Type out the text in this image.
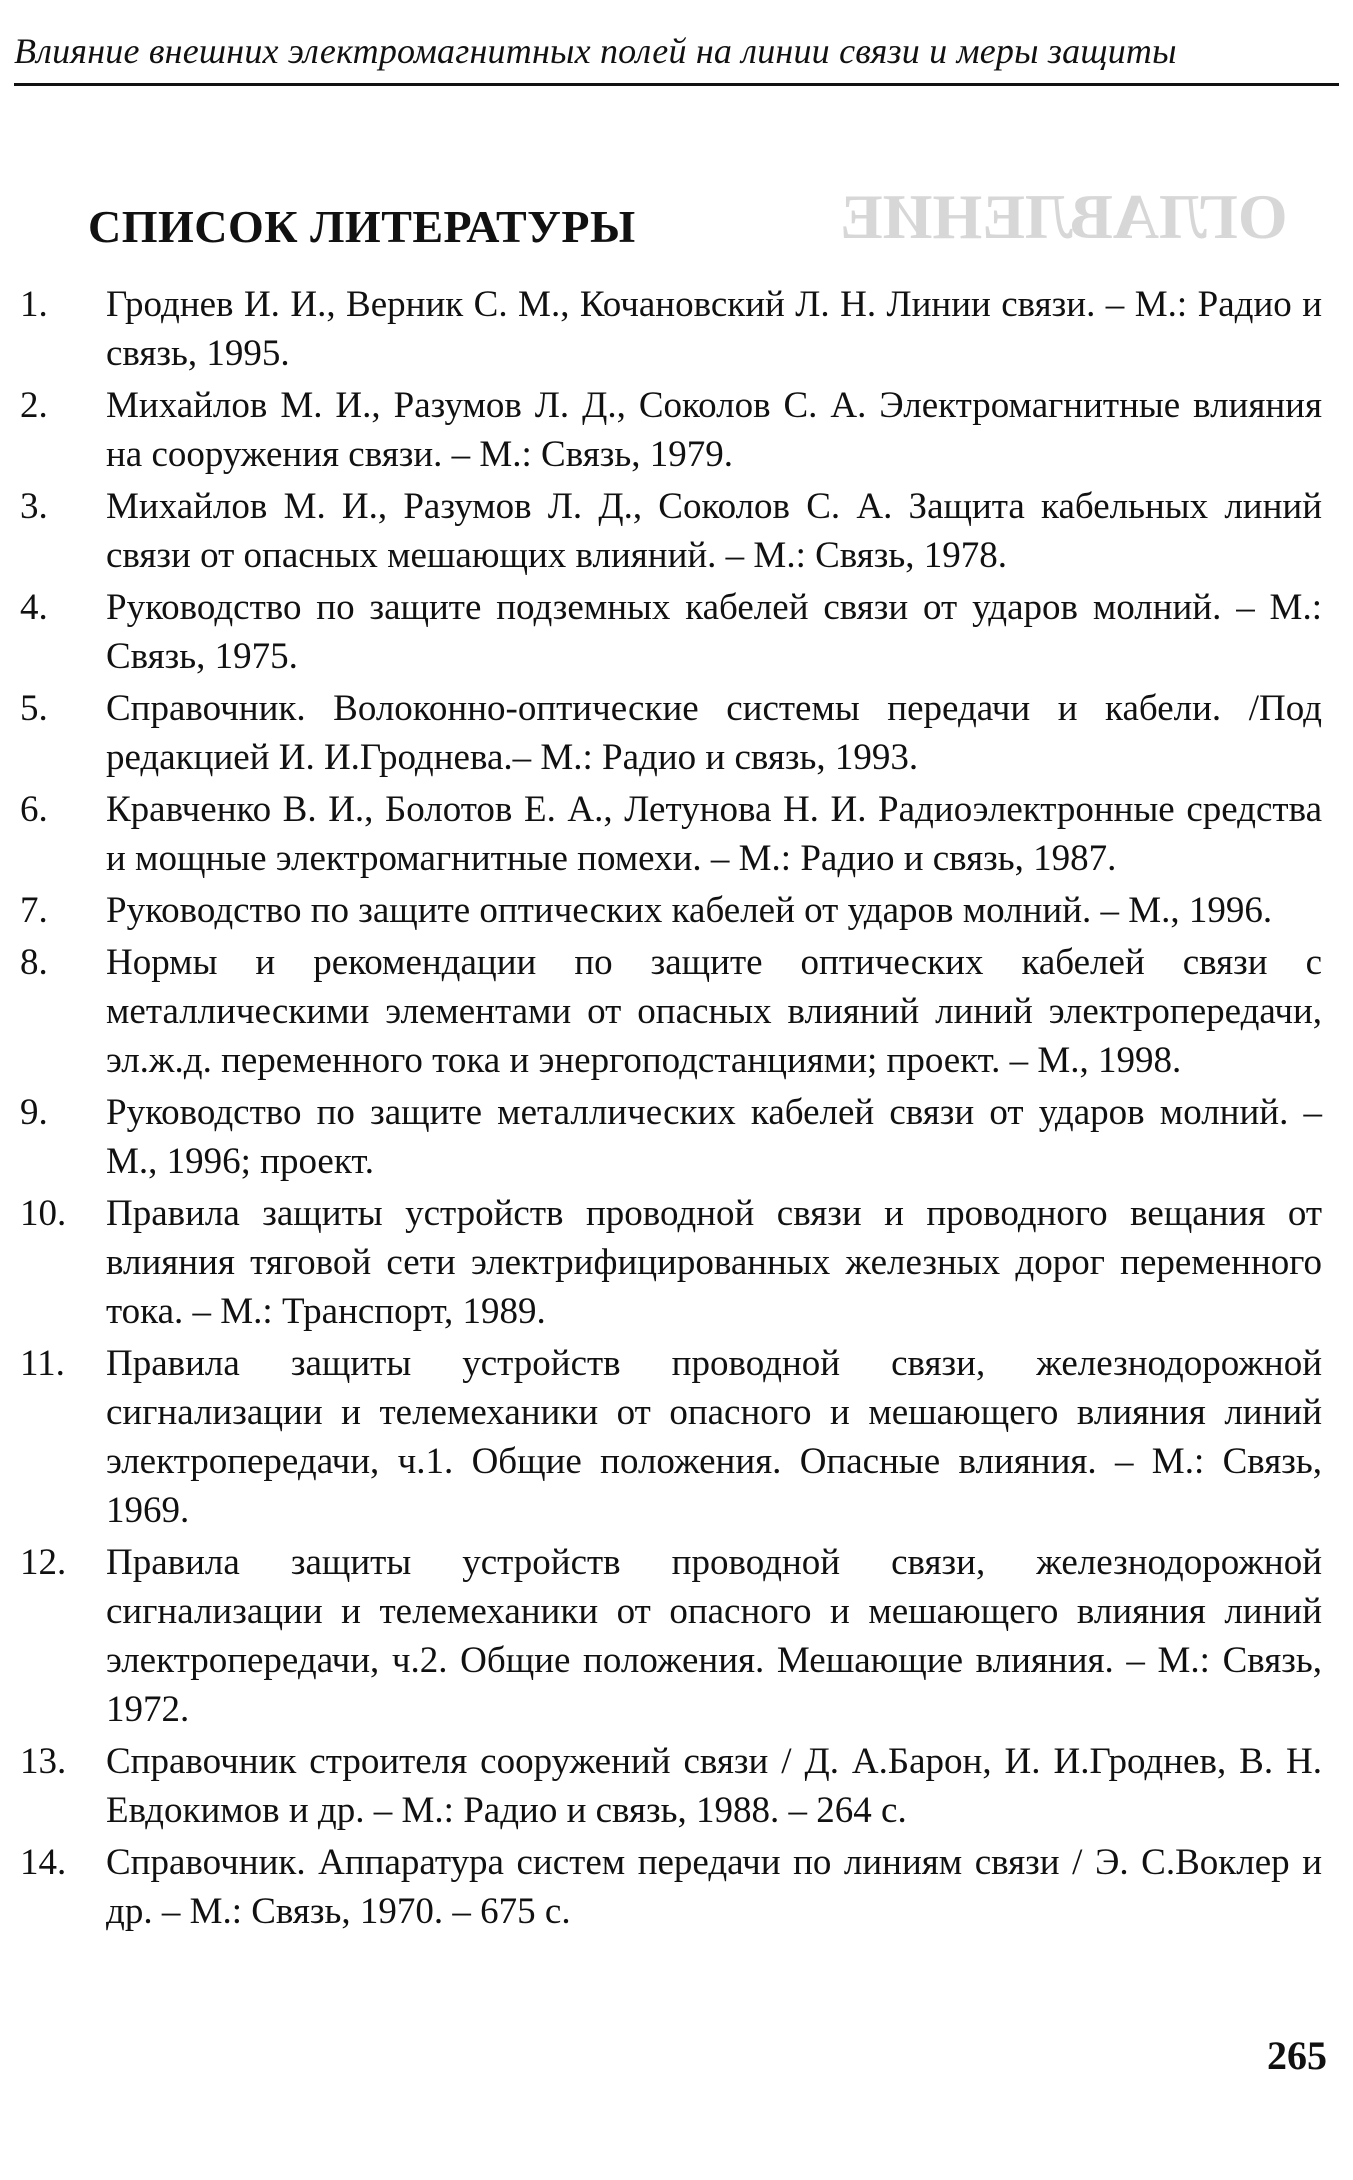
Влияние внешних электромагнитных полей на линии связи и меры защиты
ОГЛАВЛЕНИЕ
СПИСОК ЛИТЕРАТУРЫ
1.	Гроднев И. И., Верник С. М., Кочановский Л. Н. Линии связи. – М.: Радио и связь, 1995.
2.	Михайлов М. И., Разумов Л. Д., Соколов С. А. Электромагнитные влияния на сооружения связи. – М.: Связь, 1979.
3.	Михайлов М. И., Разумов Л. Д., Соколов С. А. Защита кабельных линий связи от опасных мешающих влияний. – М.: Связь, 1978.
4.	Руководство по защите подземных кабелей связи от ударов молний. – М.: Связь, 1975.
5.	Справочник. Волоконно-оптические системы передачи и кабели. /Под редакцией И. И.Гроднева.– М.: Радио и связь, 1993.
6.	Кравченко В. И., Болотов Е. А., Летунова Н. И. Радиоэлектронные средства и мощные электромагнитные помехи. – М.: Радио и связь, 1987.
7.	Руководство по защите оптических кабелей от ударов молний. – М., 1996.
8.	Нормы и рекомендации по защите оптических кабелей связи с металлическими элементами от опасных влияний линий электропередачи, эл.ж.д. переменного тока и энергоподстанциями; проект. – М., 1998.
9.	Руководство по защите металлических кабелей связи от ударов молний. – М., 1996; проект.
10.	Правила защиты устройств проводной связи и проводного вещания от влияния тяговой сети электрифицированных железных дорог переменного тока. – М.: Транспорт, 1989.
11.	Правила защиты устройств проводной связи, железнодорожной сигнализации и телемеханики от опасного и мешающего влияния линий электропередачи, ч.1. Общие положения. Опасные влияния. – М.: Связь, 1969.
12.	Правила защиты устройств проводной связи, железнодорожной сигнализации и телемеханики от опасного и мешающего влияния линий электропередачи, ч.2. Общие положения. Мешающие влияния. – М.: Связь, 1972.
13.	Справочник строителя сооружений связи / Д. А.Барон, И. И.Гроднев, В. Н. Евдокимов и др. – М.: Радио и связь, 1988. – 264 с.
14.	Справочник. Аппаратура систем передачи по линиям связи / Э. С.Воклер и др. – М.: Связь, 1970. – 675 с.
265
